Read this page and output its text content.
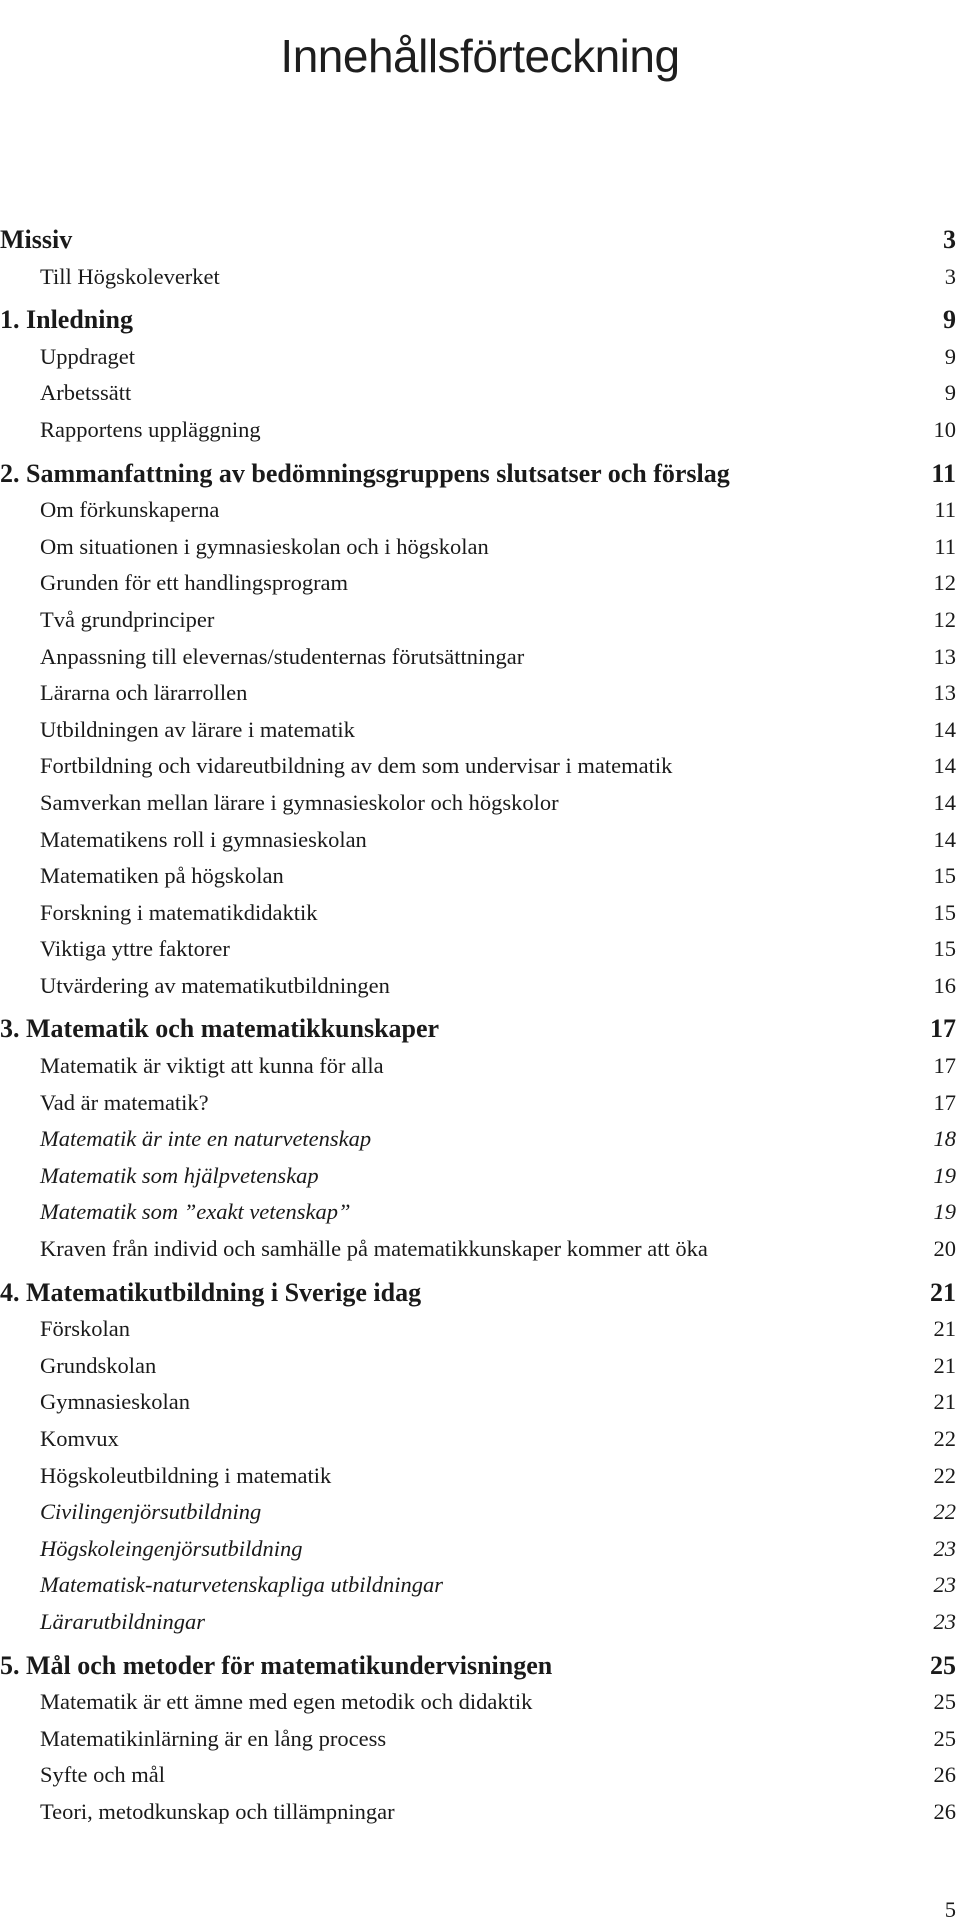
Innehållsförteckning
Missiv	3
Till Högskoleverket	3
1. Inledning	9
Uppdraget	9
Arbetssätt	9
Rapportens uppläggning	10
2. Sammanfattning av bedömningsgruppens slutsatser och förslag	11
Om förkunskaperna	11
Om situationen i gymnasieskolan och i högskolan	11
Grunden för ett handlingsprogram	12
Två grundprinciper	12
Anpassning till elevernas/studenternas förutsättningar	13
Lärarna och lärarrollen	13
Utbildningen av lärare i matematik	14
Fortbildning och vidareutbildning av dem som undervisar i matematik	14
Samverkan mellan lärare i gymnasieskolor och högskolor	14
Matematikens roll i gymnasieskolan	14
Matematiken på högskolan	15
Forskning i matematikdidaktik	15
Viktiga yttre faktorer	15
Utvärdering av matematikutbildningen	16
3. Matematik och matematikkunskaper	17
Matematik är viktigt att kunna för alla	17
Vad är matematik?	17
Matematik är inte en naturvetenskap	18
Matematik som hjälpvetenskap	19
Matematik som ”exakt vetenskap”	19
Kraven från individ och samhälle på matematikkunskaper kommer att öka	20
4. Matematikutbildning i Sverige idag	21
Förskolan	21
Grundskolan	21
Gymnasieskolan	21
Komvux	22
Högskoleutbildning i matematik	22
Civilingenjörsutbildning	22
Högskoleingenjörsutbildning	23
Matematisk-naturvetenskapliga utbildningar	23
Lärarutbildningar	23
5. Mål och metoder för matematikundervisningen	25
Matematik är ett ämne med egen metodik och didaktik	25
Matematikinlärning är en lång process	25
Syfte och mål	26
Teori, metodkunskap och tillämpningar	26
5
